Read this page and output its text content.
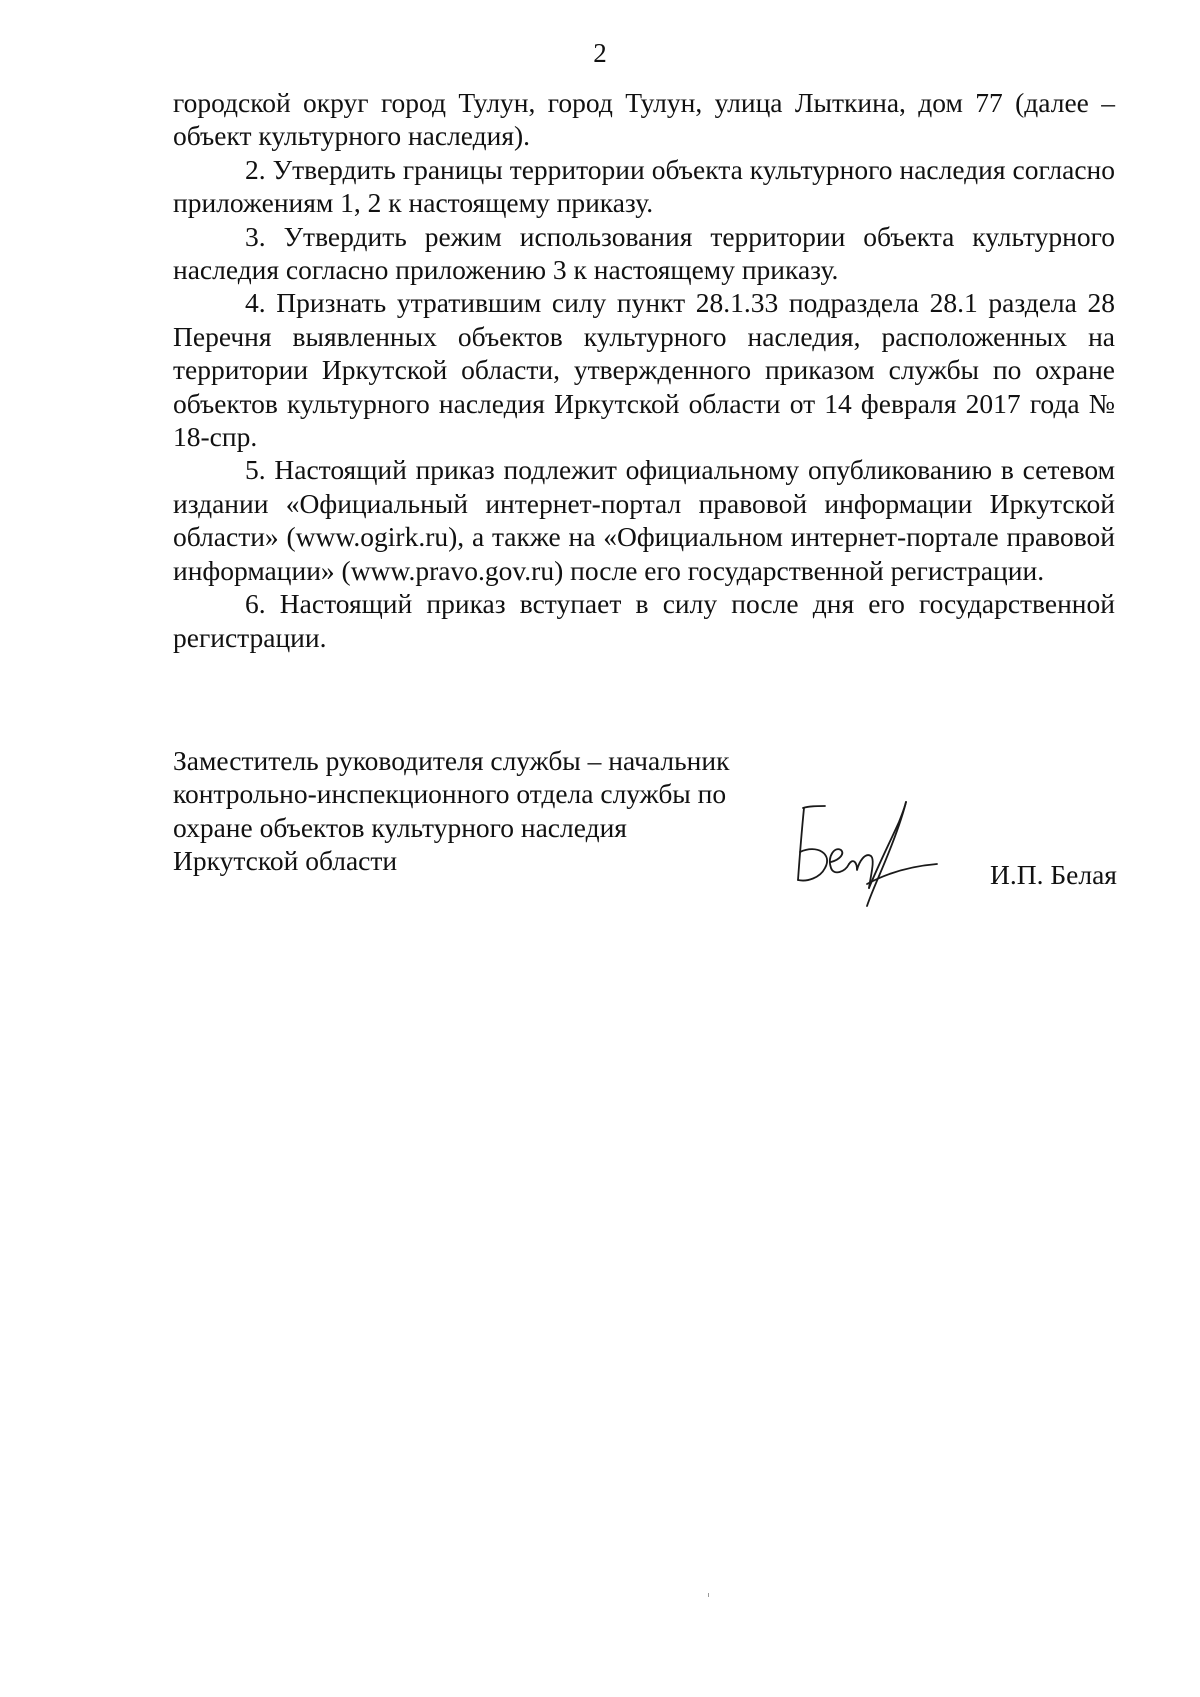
2

городской округ город Тулун, город Тулун, улица Лыткина, дом 77 (далее – объект культурного наследия).

2. Утвердить границы территории объекта культурного наследия согласно приложениям 1, 2 к настоящему приказу.

3. Утвердить режим использования территории объекта культурного наследия согласно приложению 3 к настоящему приказу.

4. Признать утратившим силу пункт 28.1.33 подраздела 28.1 раздела 28 Перечня выявленных объектов культурного наследия, расположенных на территории Иркутской области, утвержденного приказом службы по охране объектов культурного наследия Иркутской области от 14 февраля 2017 года № 18-спр.

5. Настоящий приказ подлежит официальному опубликованию в сетевом издании «Официальный интернет-портал правовой информации Иркутской области» (www.ogirk.ru), а также на «Официальном интернет-портале правовой информации» (www.pravo.gov.ru) после его государственной регистрации.

6. Настоящий приказ вступает в силу после дня его государственной регистрации.

Заместитель руководителя службы – начальник
контрольно-инспекционного отдела службы по
охране объектов культурного наследия
Иркутской области	И.П. Белая
